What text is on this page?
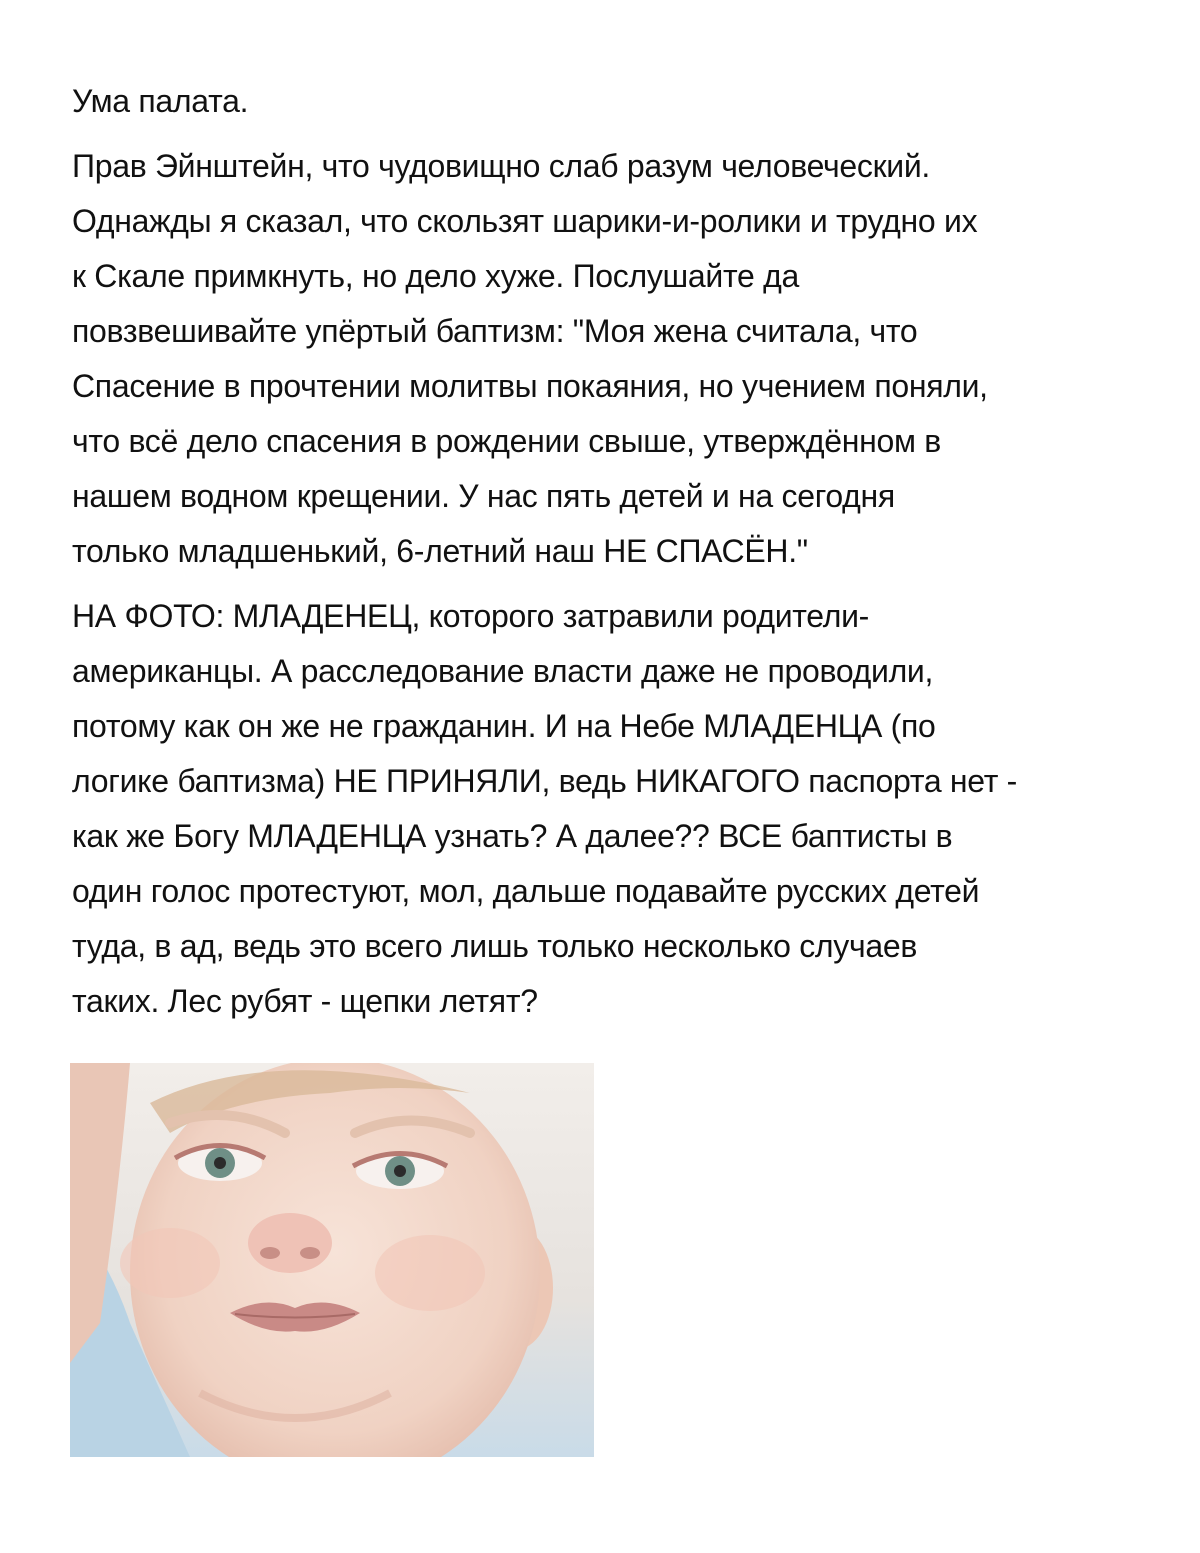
Ума палата.

Прав Эйнштейн, что чудовищно слаб разум человеческий.
Однажды я сказал, что скользят шарики-и-ролики и трудно их
к Скале примкнуть, но дело хуже. Послушайте да
повзвешивайте упёртый баптизм: "Моя жена считала, что
Спасение в прочтении молитвы покаяния, но учением поняли,
что всё дело спасения в рождении свыше, утверждённом в
нашем водном крещении. У нас пять детей и на сегодня
только младшенький, 6-летний наш НЕ СПАСЁН."

НА ФОТО: МЛАДЕНЕЦ, которого затравили родители-
американцы. А расследование власти даже не проводили,
потому как он же не гражданин. И на Небе МЛАДЕНЦА (по
логике баптизма) НЕ ПРИНЯЛИ, ведь НИКАГОГО паспорта нет -
как же Богу МЛАДЕНЦА узнать? А далее?? ВСЕ баптисты в
один голос протестуют, мол, дальше подавайте русских детей
туда, в ад, ведь это всего лишь только несколько случаев
таких. Лес рубят - щепки летят?
